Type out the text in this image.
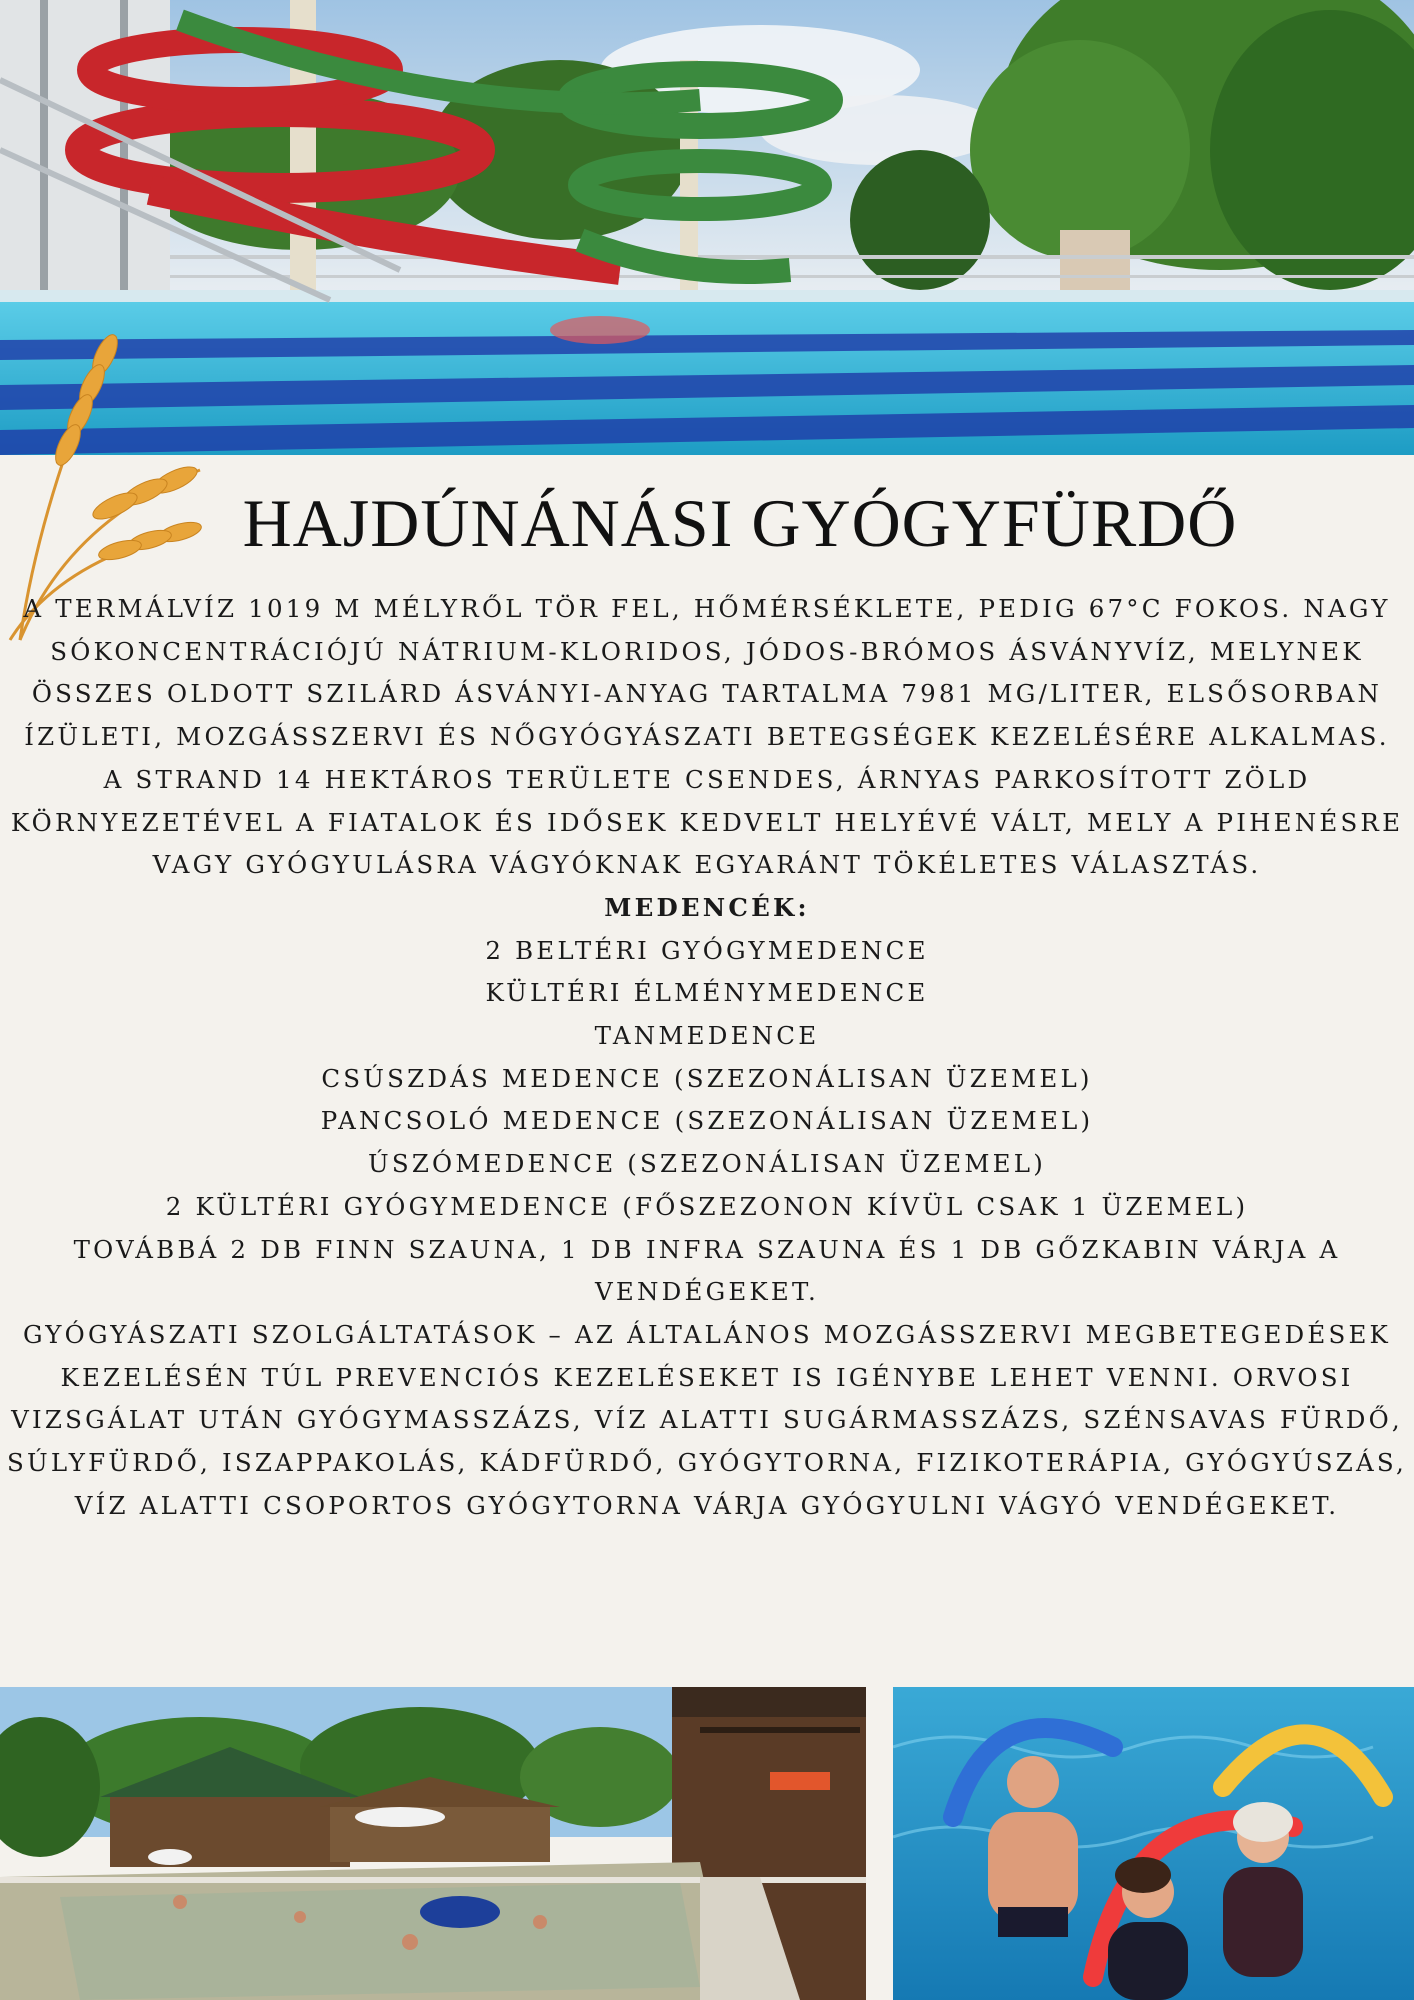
HAJDÚNÁNÁSI GYÓGYFÜRDŐ

A TERMÁLVÍZ 1019 M MÉLYRŐL TÖR FEL, HŐMÉRSÉKLETE, PEDIG 67°C FOKOS. NAGY SÓKONCENTRÁCIÓJÚ NÁTRIUM-KLORIDOS, JÓDOS-BRÓMOS ÁSVÁNYVÍZ, MELYNEK ÖSSZES OLDOTT SZILÁRD ÁSVÁNYI-ANYAG TARTALMA 7981 MG/LITER, ELSŐSORBAN ÍZÜLETI, MOZGÁSSZERVI ÉS NŐGYÓGYÁSZATI BETEGSÉGEK KEZELÉSÉRE ALKALMAS.

A STRAND 14 HEKTÁROS TERÜLETE CSENDES, ÁRNYAS PARKOSÍTOTT ZÖLD KÖRNYEZETÉVEL A FIATALOK ÉS IDŐSEK KEDVELT HELYÉVÉ VÁLT, MELY A PIHENÉSRE VAGY GYÓGYULÁSRA VÁGYÓKNAK EGYARÁNT TÖKÉLETES VÁLASZTÁS.

MEDENCÉK:

2 BELTÉRI GYÓGYMEDENCE

KÜLTÉRI ÉLMÉNYMEDENCE

TANMEDENCE

CSÚSZDÁS MEDENCE (SZEZONÁLISAN ÜZEMEL)

PANCSOLÓ MEDENCE (SZEZONÁLISAN ÜZEMEL)

ÚSZÓMEDENCE (SZEZONÁLISAN ÜZEMEL)

2 KÜLTÉRI GYÓGYMEDENCE (FŐSZEZONON KÍVÜL CSAK 1 ÜZEMEL)

TOVÁBBÁ 2 DB FINN SZAUNA, 1 DB INFRA SZAUNA ÉS 1 DB GŐZKABIN VÁRJA A VENDÉGEKET.

GYÓGYÁSZATI SZOLGÁLTATÁSOK – AZ ÁLTALÁNOS MOZGÁSSZERVI MEGBETEGEDÉSEK KEZELÉSÉN TÚL PREVENCIÓS KEZELÉSEKET IS IGÉNYBE LEHET VENNI. ORVOSI VIZSGÁLAT UTÁN GYÓGYMASSZÁZS, VÍZ ALATTI SUGÁRMASSZÁZS, SZÉNSAVAS FÜRDŐ, SÚLYFÜRDŐ, ISZAPPAKOLÁS, KÁDFÜRDŐ, GYÓGYTORNA, FIZIKOTERÁPIA, GYÓGYÚSZÁS, VÍZ ALATTI CSOPORTOS GYÓGYTORNA VÁRJA GYÓGYULNI VÁGYÓ VENDÉGEKET.
